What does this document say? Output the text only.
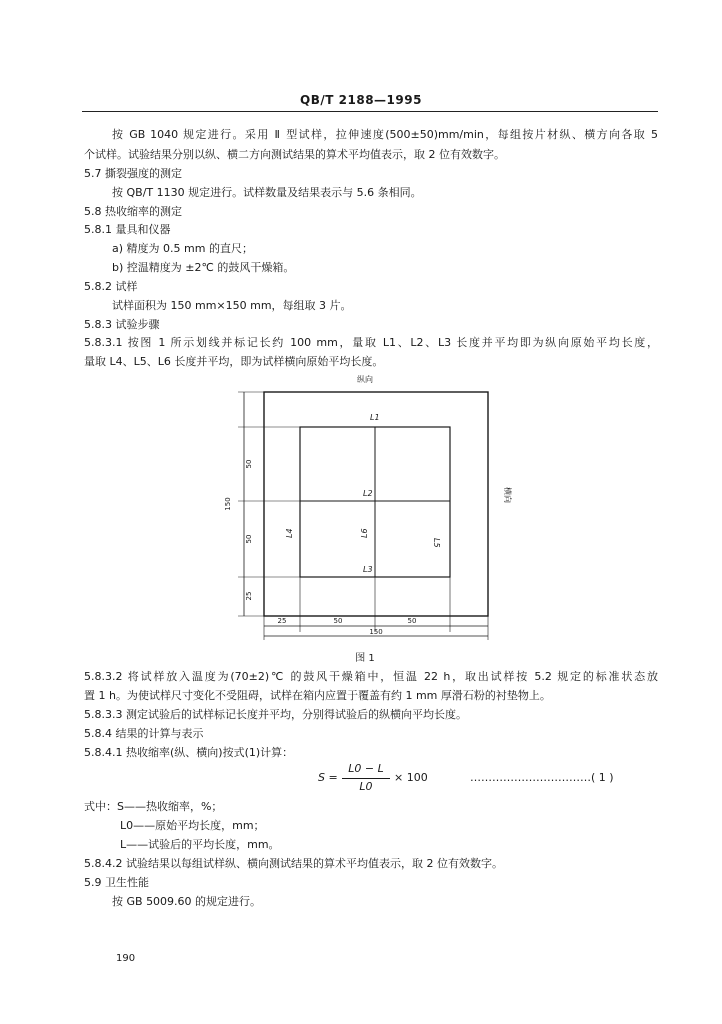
QB/T 2188—1995
按 GB 1040 规定进行。采用 Ⅱ 型试样，拉伸速度(500±50)mm/min，每组按片材纵、横方向各取 5
个试样。试验结果分别以纵、横二方向测试结果的算术平均值表示，取 2 位有效数字。
5.7 撕裂强度的测定
按 QB/T 1130 规定进行。试样数量及结果表示与 5.6 条相同。
5.8 热收缩率的测定
5.8.1 量具和仪器
a) 精度为 0.5 mm 的直尺；
b) 控温精度为 ±2℃ 的鼓风干燥箱。
5.8.2 试样
试样面积为 150 mm×150 mm，每组取 3 片。
5.8.3 试验步骤
5.8.3.1 按图 1 所示划线并标记长约 100 mm，量取 L1、L2、L3 长度并平均即为纵向原始平均长度，
量取 L4、L5、L6 长度并平均，即为试样横向原始平均长度。
纵向
横向
L1
L2
L3
L4
L5
L6
150
50
50
25
25	50	50
150
图 1
5.8.3.2 将试样放入温度为(70±2)℃ 的鼓风干燥箱中，恒温 22 h，取出试样按 5.2 规定的标准状态放
置 1 h。为使试样尺寸变化不受阻碍，试样在箱内应置于覆盖有约 1 mm 厚滑石粉的衬垫物上。
5.8.3.3 测定试验后的试样标记长度并平均，分别得试验后的纵横向平均长度。
5.8.4 结果的计算与表示
5.8.4.1 热收缩率(纵、横向)按式(1)计算：
S =
L0 − L
L0
× 100	……………………………( 1 )
式中：S——热收缩率，%；
L0——原始平均长度，mm；
L——试验后的平均长度，mm。
5.8.4.2 试验结果以每组试样纵、横向测试结果的算术平均值表示，取 2 位有效数字。
5.9 卫生性能
按 GB 5009.60 的规定进行。
190
